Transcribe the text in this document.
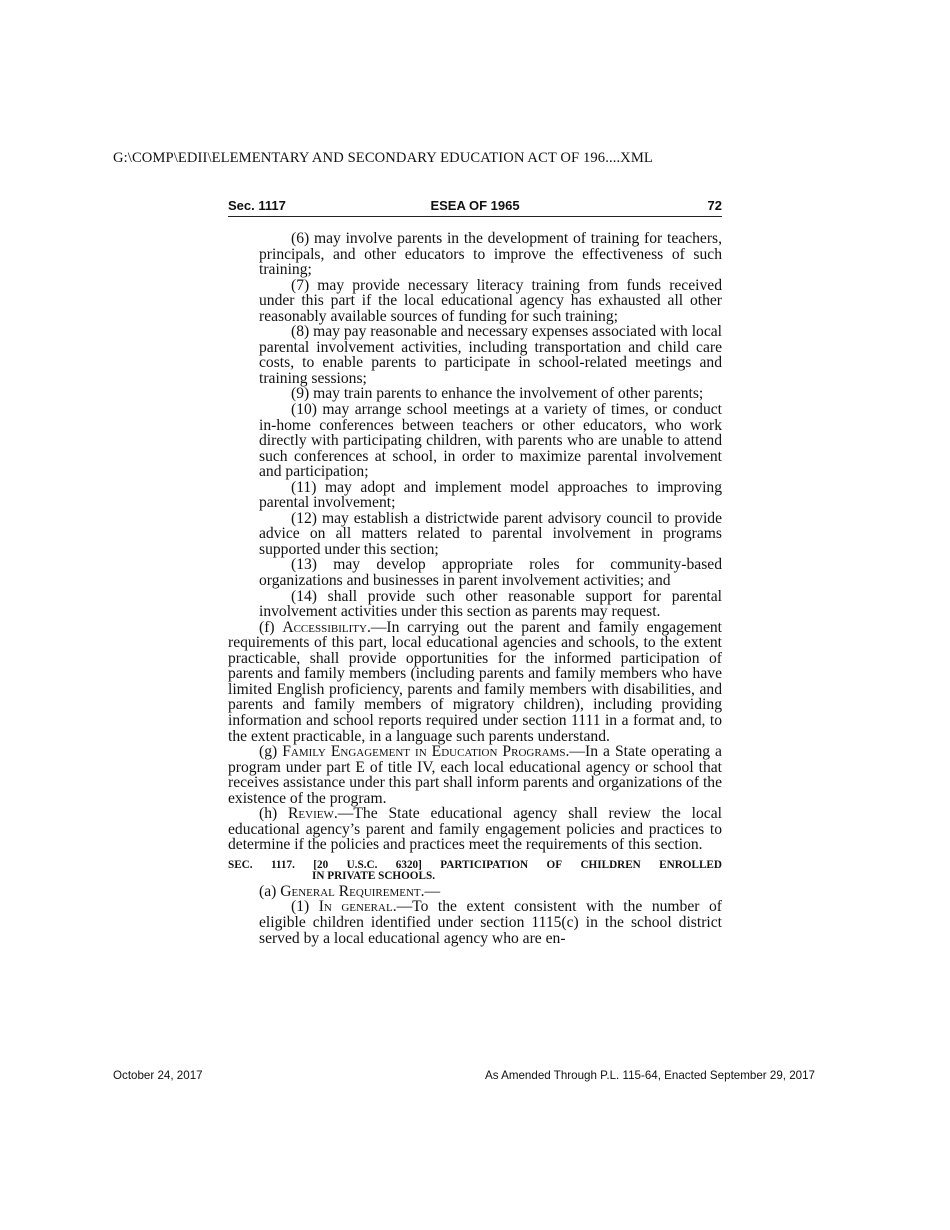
G:\COMP\EDII\ELEMENTARY AND SECONDARY EDUCATION ACT OF 196....XML
Sec. 1117	ESEA OF 1965	72

(6) may involve parents in the development of training for teachers, principals, and other educators to improve the effectiveness of such training;

(7) may provide necessary literacy training from funds received under this part if the local educational agency has exhausted all other reasonably available sources of funding for such training;

(8) may pay reasonable and necessary expenses associated with local parental involvement activities, including transportation and child care costs, to enable parents to participate in school-related meetings and training sessions;

(9) may train parents to enhance the involvement of other parents;

(10) may arrange school meetings at a variety of times, or conduct in-home conferences between teachers or other educators, who work directly with participating children, with parents who are unable to attend such conferences at school, in order to maximize parental involvement and participation;

(11) may adopt and implement model approaches to improving parental involvement;

(12) may establish a districtwide parent advisory council to provide advice on all matters related to parental involvement in programs supported under this section;

(13) may develop appropriate roles for community-based organizations and businesses in parent involvement activities; and

(14) shall provide such other reasonable support for parental involvement activities under this section as parents may request.

(f) Accessibility.—In carrying out the parent and family engagement requirements of this part, local educational agencies and schools, to the extent practicable, shall provide opportunities for the informed participation of parents and family members (including parents and family members who have limited English proficiency, parents and family members with disabilities, and parents and family members of migratory children), including providing information and school reports required under section 1111 in a format and, to the extent practicable, in a language such parents understand.

(g) Family Engagement in Education Programs.—In a State operating a program under part E of title IV, each local educational agency or school that receives assistance under this part shall inform parents and organizations of the existence of the program.

(h) Review.—The State educational agency shall review the local educational agency’s parent and family engagement policies and practices to determine if the policies and practices meet the requirements of this section.

SEC. 1117. [20 U.S.C. 6320] PARTICIPATION OF CHILDREN ENROLLED
IN PRIVATE SCHOOLS.

(a) General Requirement.—

(1) In general.—To the extent consistent with the number of eligible children identified under section 1115(c) in the school district served by a local educational agency who are en-

October 24, 2017	As Amended Through P.L. 115-64, Enacted September 29, 2017
